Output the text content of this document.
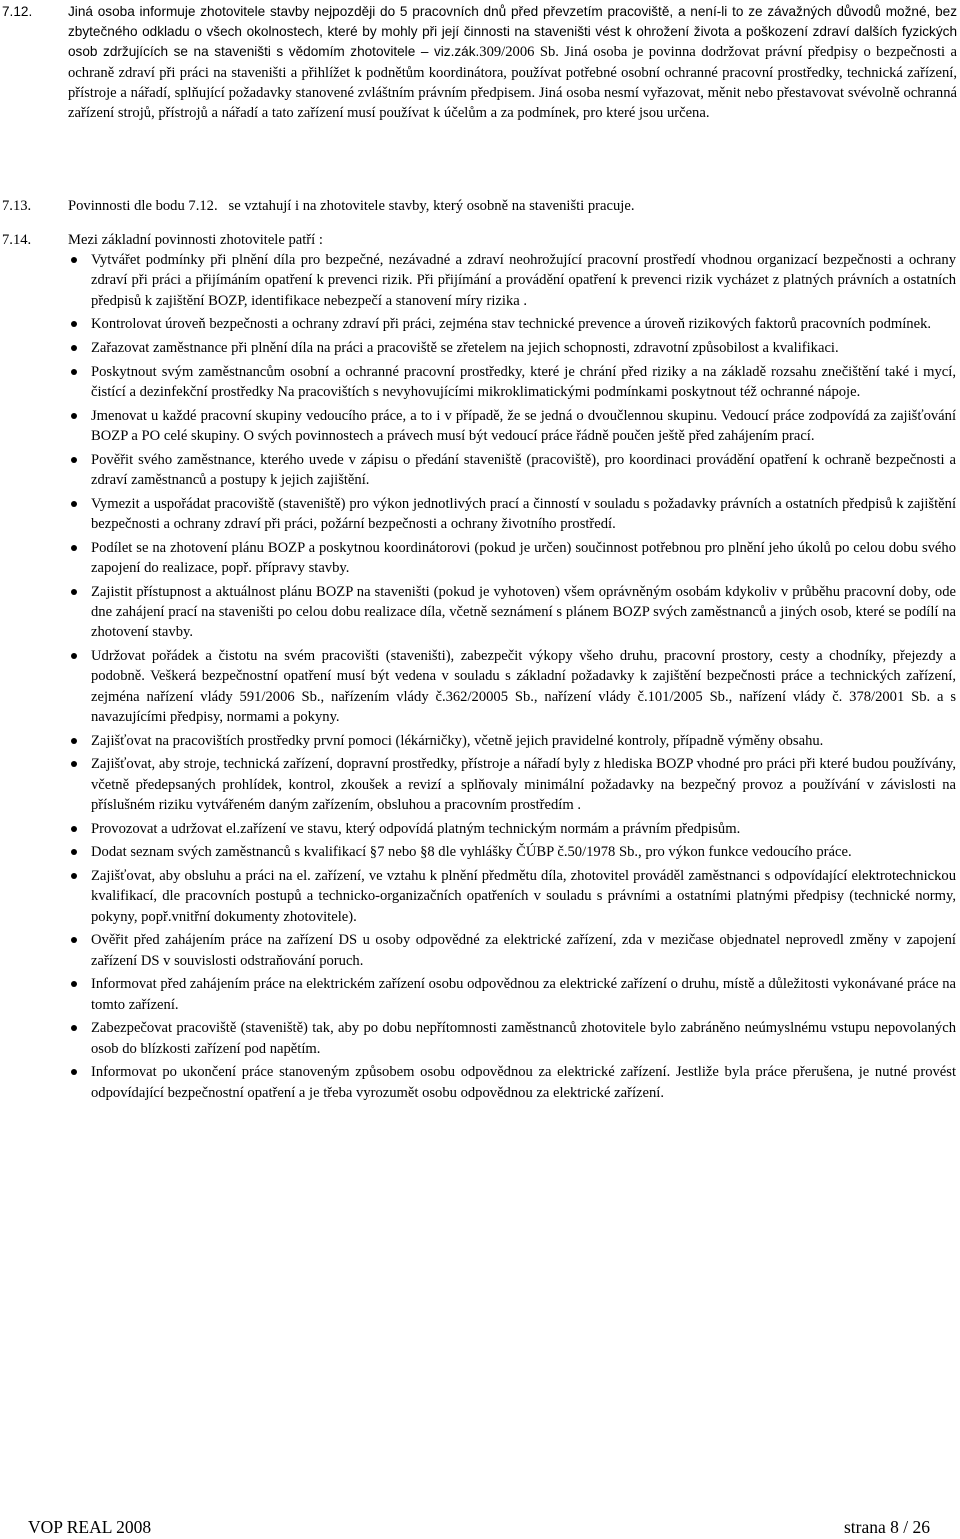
7.12.	Jiná osoba informuje zhotovitele stavby nejpozději do 5 pracovních dnů před převzetím pracoviště, a není-li to ze závažných důvodů možné, bez zbytečného odkladu o všech okolnostech, které by mohly při její činnosti na staveništi vést k ohrožení života a poškození zdraví dalších fyzických osob zdržujících se na staveništi s vědomím zhotovitele – viz.zák.309/2006 Sb. Jiná osoba je povinna dodržovat právní předpisy o bezpečnosti a ochraně zdraví při práci na staveništi a přihlížet k podnětům koordinátora, používat potřebné osobní ochranné pracovní prostředky, technická zařízení, přístroje a nářadí, splňující požadavky stanovené zvláštním právním předpisem. Jiná osoba nesmí vyřazovat, měnit nebo přestavovat svévolně ochranná zařízení strojů, přístrojů a nářadí a tato zařízení musí používat k účelům a za podmínek, pro které jsou určena.
7.13.	Povinnosti dle bodu 7.12.   se vztahují i na zhotovitele stavby, který osobně na staveništi pracuje.
7.14.	Mezi základní povinnosti zhotovitele patří :
Vytvářet podmínky při plnění díla pro bezpečné, nezávadné a zdraví neohrožující pracovní prostředí vhodnou organizací bezpečnosti a ochrany zdraví při práci a přijímáním opatření k prevenci rizik. Při přijímání a provádění opatření k prevenci rizik vycházet z platných právních a ostatních předpisů k zajištění BOZP, identifikace nebezpečí a stanovení míry rizika .
Kontrolovat úroveň bezpečnosti a ochrany zdraví při práci, zejména stav technické prevence a úroveň rizikových faktorů pracovních podmínek.
Zařazovat zaměstnance při plnění díla na práci a pracoviště se zřetelem na jejich schopnosti, zdravotní způsobilost a kvalifikaci.
Poskytnout svým zaměstnancům osobní a ochranné pracovní prostředky, které je chrání před riziky a na základě rozsahu znečištění také i mycí, čistící a dezinfekční prostředky Na pracovištích s nevyhovujícími mikroklimatickými podmínkami poskytnout též ochranné nápoje.
Jmenovat u každé pracovní skupiny vedoucího práce, a to i v případě, že se jedná o dvoučlennou skupinu. Vedoucí práce zodpovídá za zajišťování BOZP a PO celé skupiny. O svých povinnostech a právech musí být vedoucí práce řádně poučen ještě před zahájením prací.
Pověřit svého zaměstnance, kterého uvede v zápisu o předání staveniště (pracoviště), pro koordinaci provádění opatření k ochraně bezpečnosti a zdraví zaměstnanců a postupy k jejich zajištění.
Vymezit a uspořádat pracoviště (staveniště) pro výkon jednotlivých prací a činností v souladu s požadavky právních a ostatních předpisů k zajištění bezpečnosti a ochrany zdraví při práci, požární bezpečnosti a ochrany životního prostředí.
Podílet se na zhotovení plánu BOZP a poskytnou koordinátorovi (pokud je určen) součinnost potřebnou pro plnění jeho úkolů po celou dobu svého zapojení do realizace, popř. přípravy stavby.
Zajistit přístupnost a aktuálnost plánu BOZP na staveništi (pokud je vyhotoven) všem oprávněným osobám kdykoliv v průběhu pracovní doby, ode dne zahájení prací na staveništi po celou dobu realizace díla, včetně seznámení s plánem BOZP svých zaměstnanců a jiných osob, které se podílí na zhotovení stavby.
Udržovat pořádek a čistotu na svém pracovišti (staveništi), zabezpečit výkopy všeho druhu, pracovní prostory, cesty a chodníky, přejezdy a podobně. Veškerá bezpečnostní opatření musí být vedena v souladu s základní požadavky k zajištění bezpečnosti práce a technických zařízení, zejména nařízení vlády 591/2006 Sb., nařízením vlády č.362/20005 Sb., nařízení vlády č.101/2005 Sb., nařízení vlády č. 378/2001 Sb. a s navazujícími předpisy, normami a pokyny.
Zajišťovat na pracovištích prostředky první pomoci (lékárničky), včetně jejich pravidelné kontroly, případně výměny obsahu.
Zajišťovat, aby stroje, technická zařízení, dopravní prostředky, přístroje a nářadí byly z hlediska BOZP vhodné pro práci při které budou používány, včetně předepsaných prohlídek, kontrol, zkoušek a revizí a splňovaly minimální požadavky na bezpečný provoz a používání v závislosti na příslušném riziku vytvářeném daným zařízením, obsluhou a pracovním prostředím .
Provozovat a udržovat el.zařízení ve stavu, který odpovídá platným technickým normám a právním předpisům.
Dodat seznam svých zaměstnanců s kvalifikací §7 nebo §8 dle vyhlášky ČÚBP č.50/1978 Sb., pro výkon funkce vedoucího práce.
Zajišťovat, aby obsluhu a práci na el. zařízení, ve vztahu k plnění předmětu díla, zhotovitel prováděl zaměstnanci s odpovídající elektrotechnickou kvalifikací, dle pracovních postupů a technicko-organizačních opatřeních v souladu s právními a ostatními platnými předpisy (technické normy, pokyny, popř.vnitřní dokumenty zhotovitele).
Ověřit před zahájením práce na zařízení DS u osoby odpovědné za elektrické zařízení, zda v mezičase objednatel neprovedl změny v zapojení zařízení DS v souvislosti odstraňování poruch.
Informovat před zahájením práce na elektrickém zařízení osobu odpovědnou za elektrické zařízení o druhu, místě a důležitosti vykonávané práce na tomto zařízení.
Zabezpečovat pracoviště (staveniště) tak, aby po dobu nepřítomnosti zaměstnanců zhotovitele bylo zabráněno neúmyslnému vstupu nepovolaných osob do blízkosti zařízení pod napětím.
Informovat po ukončení práce stanoveným způsobem osobu odpovědnou za elektrické zařízení. Jestliže byla práce přerušena, je nutné provést odpovídající bezpečnostní opatření a je třeba vyrozumět osobu odpovědnou za elektrické zařízení.
VOP REAL 2008	strana 8 / 26
